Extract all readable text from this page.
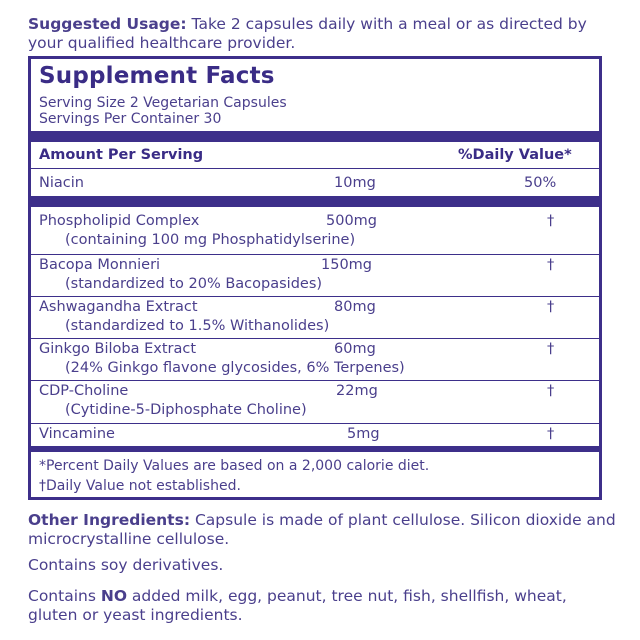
Suggested Usage: Take 2 capsules daily with a meal or as directed by your qualified healthcare provider.
Supplement Facts
Serving Size 2 Vegetarian Capsules
Servings Per Container 30
Amount Per Serving	%Daily Value*
Niacin	10mg	50%
Phospholipid Complex	500mg	†
(containing 100 mg Phosphatidylserine)
Bacopa Monnieri	150mg	†
(standardized to 20% Bacopasides)
Ashwagandha Extract	80mg	†
(standardized to 1.5% Withanolides)
Ginkgo Biloba Extract	60mg	†
(24% Ginkgo flavone glycosides, 6% Terpenes)
CDP-Choline	22mg	†
(Cytidine-5-Diphosphate Choline)
Vincamine	5mg	†
*Percent Daily Values are based on a 2,000 calorie diet.
†Daily Value not established.
Other Ingredients: Capsule is made of plant cellulose. Silicon dioxide and microcrystalline cellulose.
Contains soy derivatives.
Contains NO added milk, egg, peanut, tree nut, fish, shellfish, wheat, gluten or yeast ingredients.
